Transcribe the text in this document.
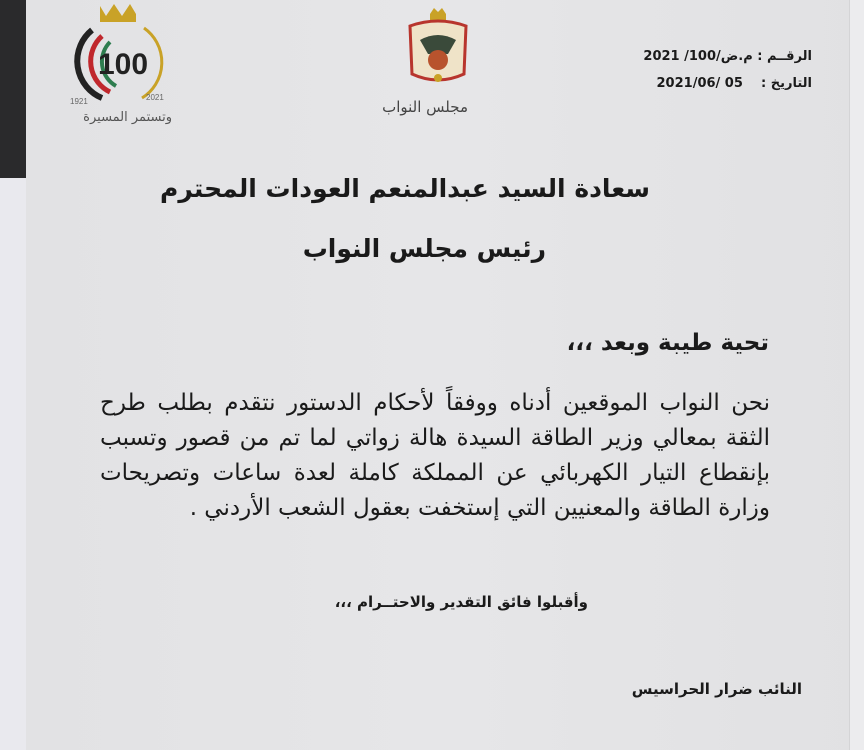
100
1921	2021
وتستمر المسيرة
مجلس النواب
الرقــم : م.ض/100/ 2021
التاريخ :    2021/06/ 05
سعادة السيد عبدالمنعم العودات المحترم
رئيس مجلس النواب
تحية طيبة وبعد ،،،
نحن النواب الموقعين أدناه ووفقاً لأحكام الدستور نتقدم بطلب طرح
الثقة بمعالي وزير الطاقة السيدة هالة زواتي لما تم من قصور وتسبب
بإنقطاع التيار الكهربائي عن المملكة كاملة لعدة ساعات وتصريحات
وزارة الطاقة والمعنيين التي إستخفت بعقول الشعب الأردني .
وأقبلوا فائق التقدير والاحتــرام ،،،
النائب ضرار الحراسيس
